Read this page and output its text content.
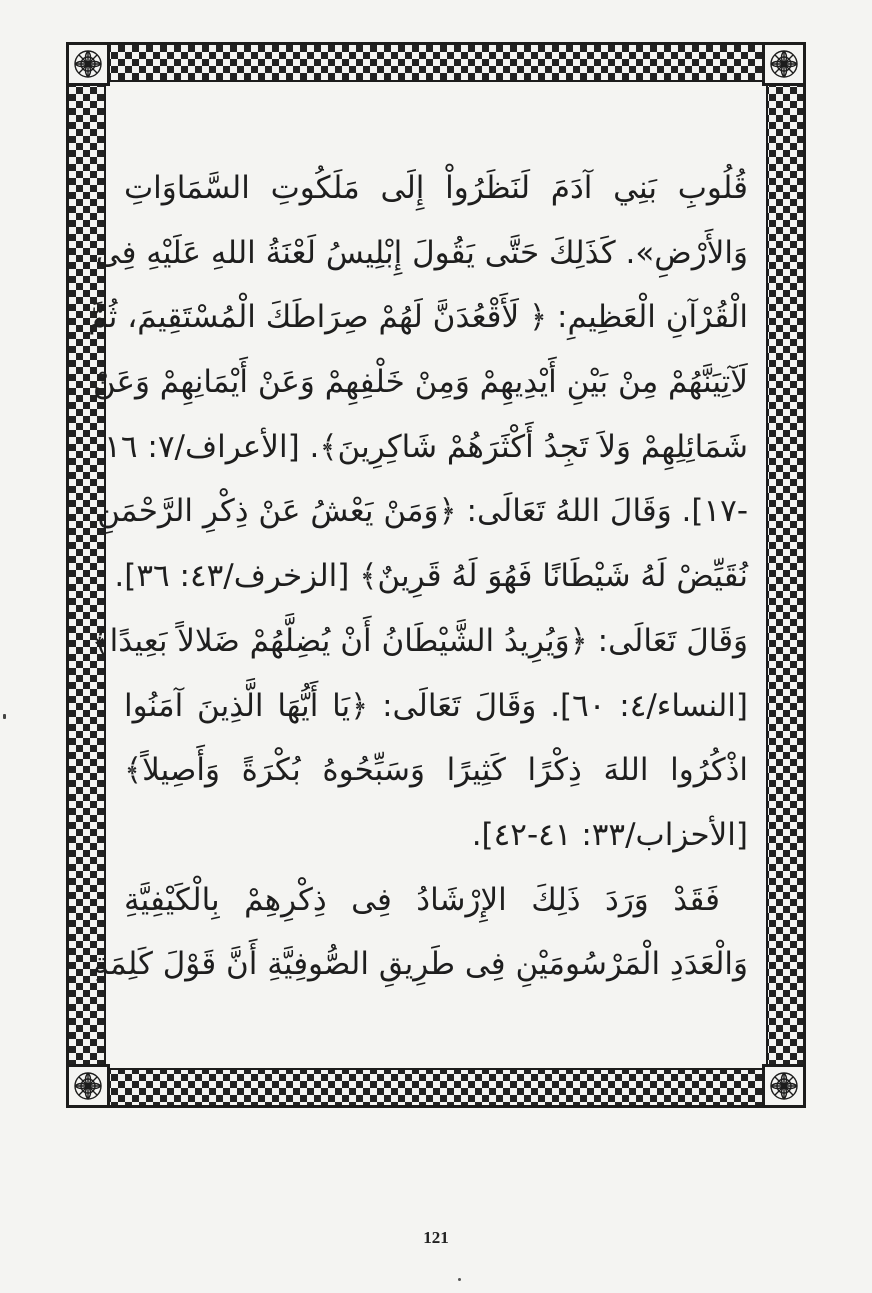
قُلُوبِ بَنِي آدَمَ لَنَظَرُواْ إِلَى مَلَكُوتِ السَّمَاوَاتِ
وَالأَرْضِ». كَذَلِكَ حَتَّى يَقُولَ إِبْلِيسُ لَعْنَةُ اللهِ عَلَيْهِ فِى
الْقُرْآنِ الْعَظِيمِ: ﴿ لَأَقْعُدَنَّ لَهُمْ صِرَاطَكَ الْمُسْتَقِيمَ، ثُمَّ
لَآتِيَنَّهُمْ مِنْ بَيْنِ أَيْدِيهِمْ وَمِنْ خَلْفِهِمْ وَعَنْ أَيْمَانِهِمْ وَعَنْ
شَمَائِلِهِمْ وَلاَ تَجِدُ أَكْثَرَهُمْ شَاكِرِينَ﴾. [الأعراف/٧: ١٦
-١٧]. وَقَالَ اللهُ تَعَالَى: ﴿وَمَنْ يَعْشُ عَنْ ذِكْرِ الرَّحْمَنِ
نُقَيِّضْ لَهُ شَيْطَانًا فَهُوَ لَهُ قَرِينٌ﴾ [الزخرف/٤٣: ٣٦].
وَقَالَ تَعَالَى: ﴿وَيُرِيدُ الشَّيْطَانُ أَنْ يُضِلَّهُمْ ضَلالاً بَعِيدًا﴾
[النساء/٤: ٦٠]. وَقَالَ تَعَالَى: ﴿يَا أَيُّهَا الَّذِينَ آمَنُوا
اذْكُرُوا اللهَ ذِكْرًا كَثِيرًا وَسَبِّحُوهُ بُكْرَةً وَأَصِيلاً﴾
[الأحزاب/٣٣: ٤١-٤٢].
فَقَدْ وَرَدَ ذَلِكَ الإِرْشَادُ فِى ذِكْرِهِمْ بِالْكَيْفِيَّةِ
وَالْعَدَدِ الْمَرْسُومَيْنِ فِى طَرِيقِ الصُّوفِيَّةِ أَنَّ قَوْلَ كَلِمَةِ
121
